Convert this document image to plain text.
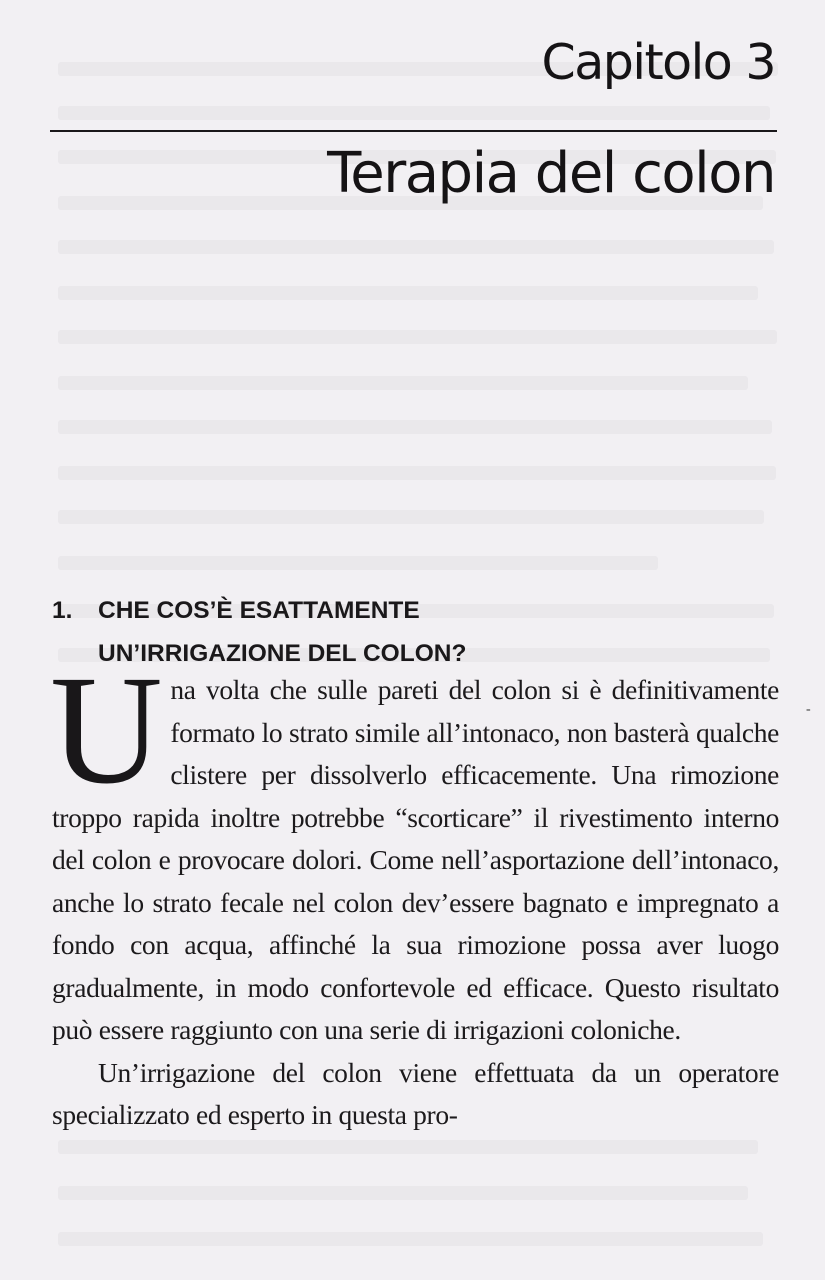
Capitolo 3
Terapia del colon
1. CHE COS’È ESATTAMENTE
UN’IRRIGAZIONE DEL COLON?

Una volta che sulle pareti del colon si è definitivamente formato lo strato simile all’intonaco, non basterà qualche clistere per dissolverlo efficacemente. Una rimozione troppo rapida inoltre potrebbe “scorticare” il rivestimento interno del colon e provocare dolori. Come nell’asportazione dell’intonaco, anche lo strato fecale nel colon dev’essere bagnato e impregnato a fondo con acqua, affinché la sua rimozione possa aver luogo gradualmente, in modo confortevole ed efficace. Questo risultato può essere raggiunto con una serie di irrigazioni coloniche.

Un’irrigazione del colon viene effettuata da un operatore specializzato ed esperto in questa pro-

-
